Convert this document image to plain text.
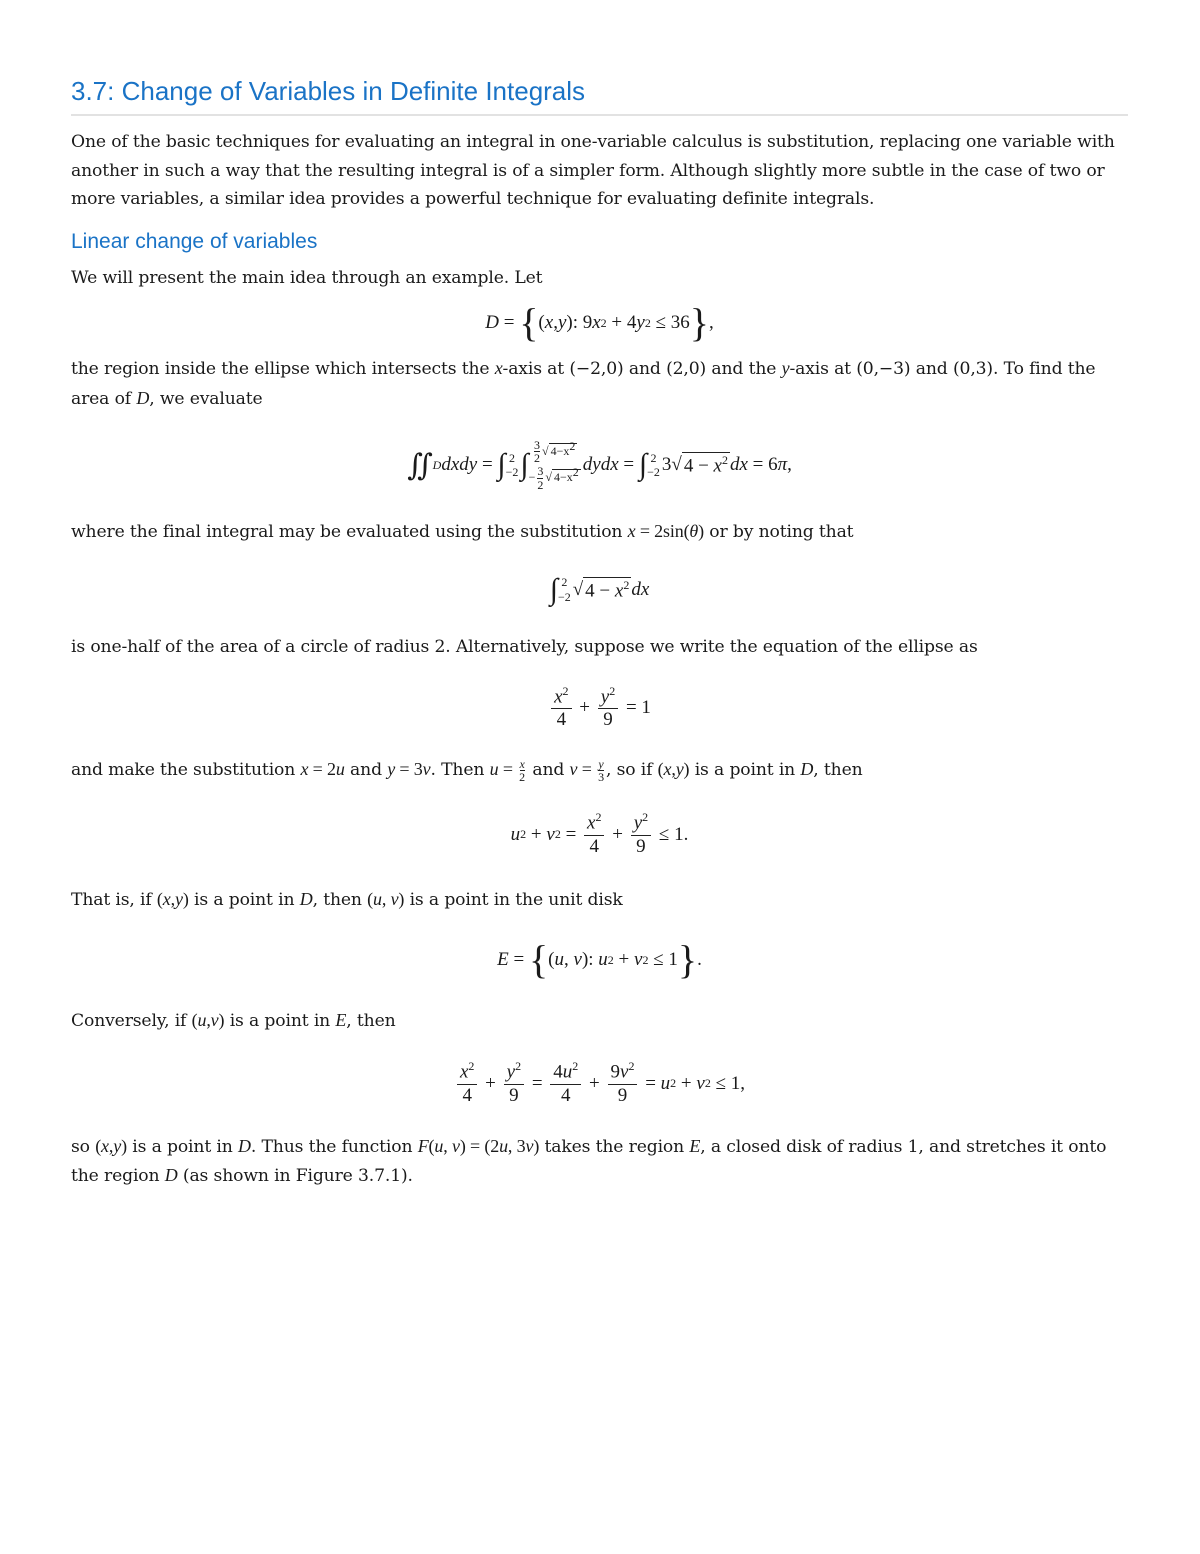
3.7: Change of Variables in Definite Integrals

One of the basic techniques for evaluating an integral in one-variable calculus is substitution, replacing one variable with another in such a way that the resulting integral is of a simpler form. Although slightly more subtle in the case of two or more variables, a similar idea provides a powerful technique for evaluating definite integrals.

Linear change of variables

We will present the main idea through an example. Let

D = { ( x , y ): 9 x 2 + 4 y 2 ≤ 36 } ,

the region inside the ellipse which intersects the x-axis at (−2,0) and (2,0) and the y-axis at (0,−3) and (0,3). To find the area of D, we evaluate

∬ D dxdy = ∫ 2
−2 ∫ $\frac{3}{2}$ √ $4-x^2$
− $\frac{3}{2}$ √ $4-x^2$ dydx = ∫ 2
−2 3√ $4 - x^2$ dx = 6 π ,

where the final integral may be evaluated using the substitution x = 2sin(θ) or by noting that

∫ 2
−2 √ $4 - x^2$ dx

is one-half of the area of a circle of radius 2. Alternatively, suppose we write the equation of the ellipse as

$\frac{x^2}{4} + \frac{y^2}{9} = 1$

and make the substitution x = 2u and y = 3v. Then $u = \frac{x}{2}$ and $v = \frac{y}{3}$ , so if (x,y) is a point in D, then

u 2 + v $2 = \frac{x^2}{4} + \frac{y^2}{9} \le 1$.

That is, if (x,y) is a point in D, then (u, v) is a point in the unit disk

E = { ( u , v ): u 2 + v 2 ≤ 1 } .

Conversely, if (u,v) is a point in E, then

$\frac{x^2}{4} + \frac{y^2}{9} = \frac{4u^2}{4} + \frac{9v^2}{9} = u$ 2 + v 2 ≤ 1,

so (x,y) is a point in D. Thus the function F(u, v) = (2u, 3v) takes the region E, a closed disk of radius 1, and stretches it onto the region D (as shown in Figure 3.7.1).
